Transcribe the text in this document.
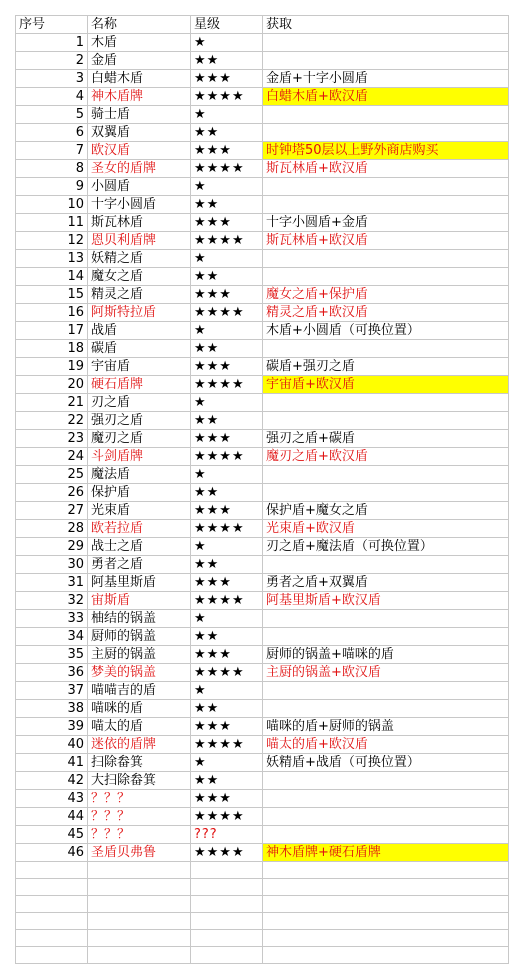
序号	名称	星级	获取
1	木盾	★	
2	金盾	★★	
3	白蜡木盾	★★★	金盾+十字小圆盾
4	神木盾牌	★★★★	白蜡木盾+欧汉盾
5	骑士盾	★	
6	双翼盾	★★	
7	欧汉盾	★★★	时钟塔50层以上野外商店购买
8	圣女的盾牌	★★★★	斯瓦林盾+欧汉盾
9	小圆盾	★	
10	十字小圆盾	★★	
11	斯瓦林盾	★★★	十字小圆盾+金盾
12	恩贝利盾牌	★★★★	斯瓦林盾+欧汉盾
13	妖精之盾	★	
14	魔女之盾	★★	
15	精灵之盾	★★★	魔女之盾+保护盾
16	阿斯特拉盾	★★★★	精灵之盾+欧汉盾
17	战盾	★	木盾+小圆盾（可换位置）
18	碳盾	★★	
19	宇宙盾	★★★	碳盾+强刃之盾
20	硬石盾牌	★★★★	宇宙盾+欧汉盾
21	刃之盾	★	
22	强刃之盾	★★	
23	魔刃之盾	★★★	强刃之盾+碳盾
24	斗剑盾牌	★★★★	魔刃之盾+欧汉盾
25	魔法盾	★	
26	保护盾	★★	
27	光束盾	★★★	保护盾+魔女之盾
28	欧若拉盾	★★★★	光束盾+欧汉盾
29	战士之盾	★	刃之盾+魔法盾（可换位置）
30	勇者之盾	★★	
31	阿基里斯盾	★★★	勇者之盾+双翼盾
32	宙斯盾	★★★★	阿基里斯盾+欧汉盾
33	柚结的锅盖	★	
34	厨师的锅盖	★★	
35	主厨的锅盖	★★★	厨师的锅盖+喵咪的盾
36	梦美的锅盖	★★★★	主厨的锅盖+欧汉盾
37	喵喵吉的盾	★	
38	喵咪的盾	★★	
39	喵太的盾	★★★	喵咪的盾+厨师的锅盖
40	迷依的盾牌	★★★★	喵太的盾+欧汉盾
41	扫除畚箕	★	妖精盾+战盾（可换位置）
42	大扫除畚箕	★★	
43	？？？	★★★	
44	？？？	★★★★	
45	？？？	???	
46	圣盾贝弗鲁	★★★★	神木盾牌+硬石盾牌
